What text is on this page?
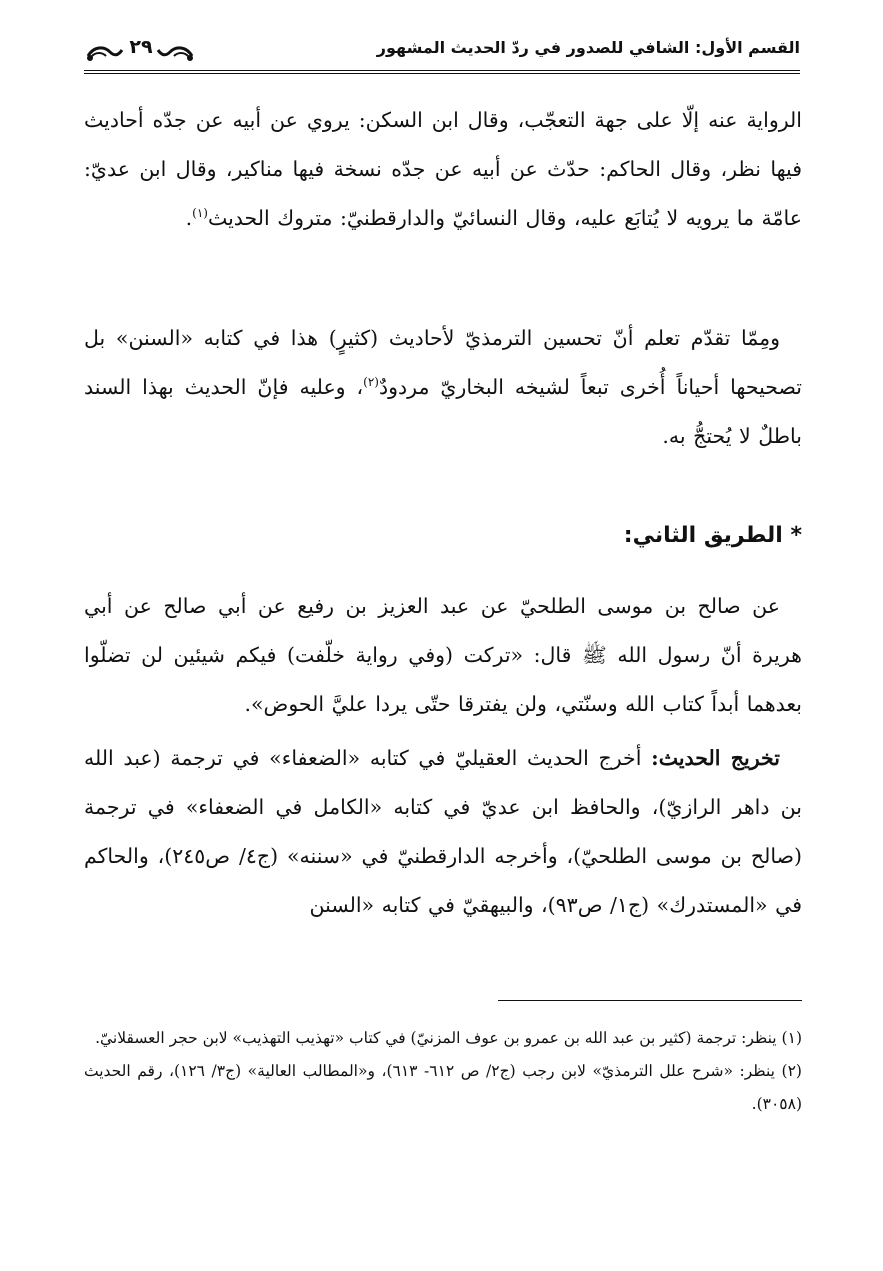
القسم الأول: الشافي للصدور في ردّ الحديث المشهور
٢٩
الرواية عنه إلّا على جهة التعجّب، وقال ابن السكن: يروي عن أبيه عن جدّه أحاديث فيها نظر، وقال الحاكم: حدّث عن أبيه عن جدّه نسخة فيها مناكير، وقال ابن عديّ: عامّة ما يرويه لا يُتابَع عليه، وقال النسائيّ والدارقطنيّ: متروك الحديث$^{(١)}$.
ومِمّا تقدّم تعلم أنّ تحسين الترمذيّ لأحاديث (كثيرٍ) هذا في كتابه «السنن» بل تصحيحها أحياناً أُخرى تبعاً لشيخه البخاريّ مردودٌ$^{(٢)}$، وعليه فإنّ الحديث بهذا السند باطلٌ لا يُحتجُّ به.
* الطريق الثاني:
عن صالح بن موسى الطلحيّ عن عبد العزيز بن رفيع عن أبي صالح عن أبي هريرة أنّ رسول الله ﷺ قال: «تركت (وفي رواية خلّفت) فيكم شيئين لن تضلّوا بعدهما أبداً كتاب الله وسنّتي، ولن يفترقا حتّى يردا عليَّ الحوض».
تخريج الحديث: أخرج الحديث العقيليّ في كتابه «الضعفاء» في ترجمة (عبد الله بن داهر الرازيّ)، والحافظ ابن عديّ في كتابه «الكامل في الضعفاء» في ترجمة (صالح بن موسى الطلحيّ)، وأخرجه الدارقطنيّ في «سننه» (ج٤/ ص٢٤٥)، والحاكم في «المستدرك» (ج١/ ص٩٣)، والبيهقيّ في كتابه «السنن
(١) ينظر: ترجمة (كثير بن عبد الله بن عمرو بن عوف المزنيّ) في كتاب «تهذيب التهذيب» لابن حجر العسقلانيّ.
(٢) ينظر: «شرح علل الترمذيّ» لابن رجب (ج٢/ ص ٦١٢- ٦١٣)، و«المطالب العالية» (ج٣/ ١٢٦)، رقم الحديث (٣٠٥٨).
